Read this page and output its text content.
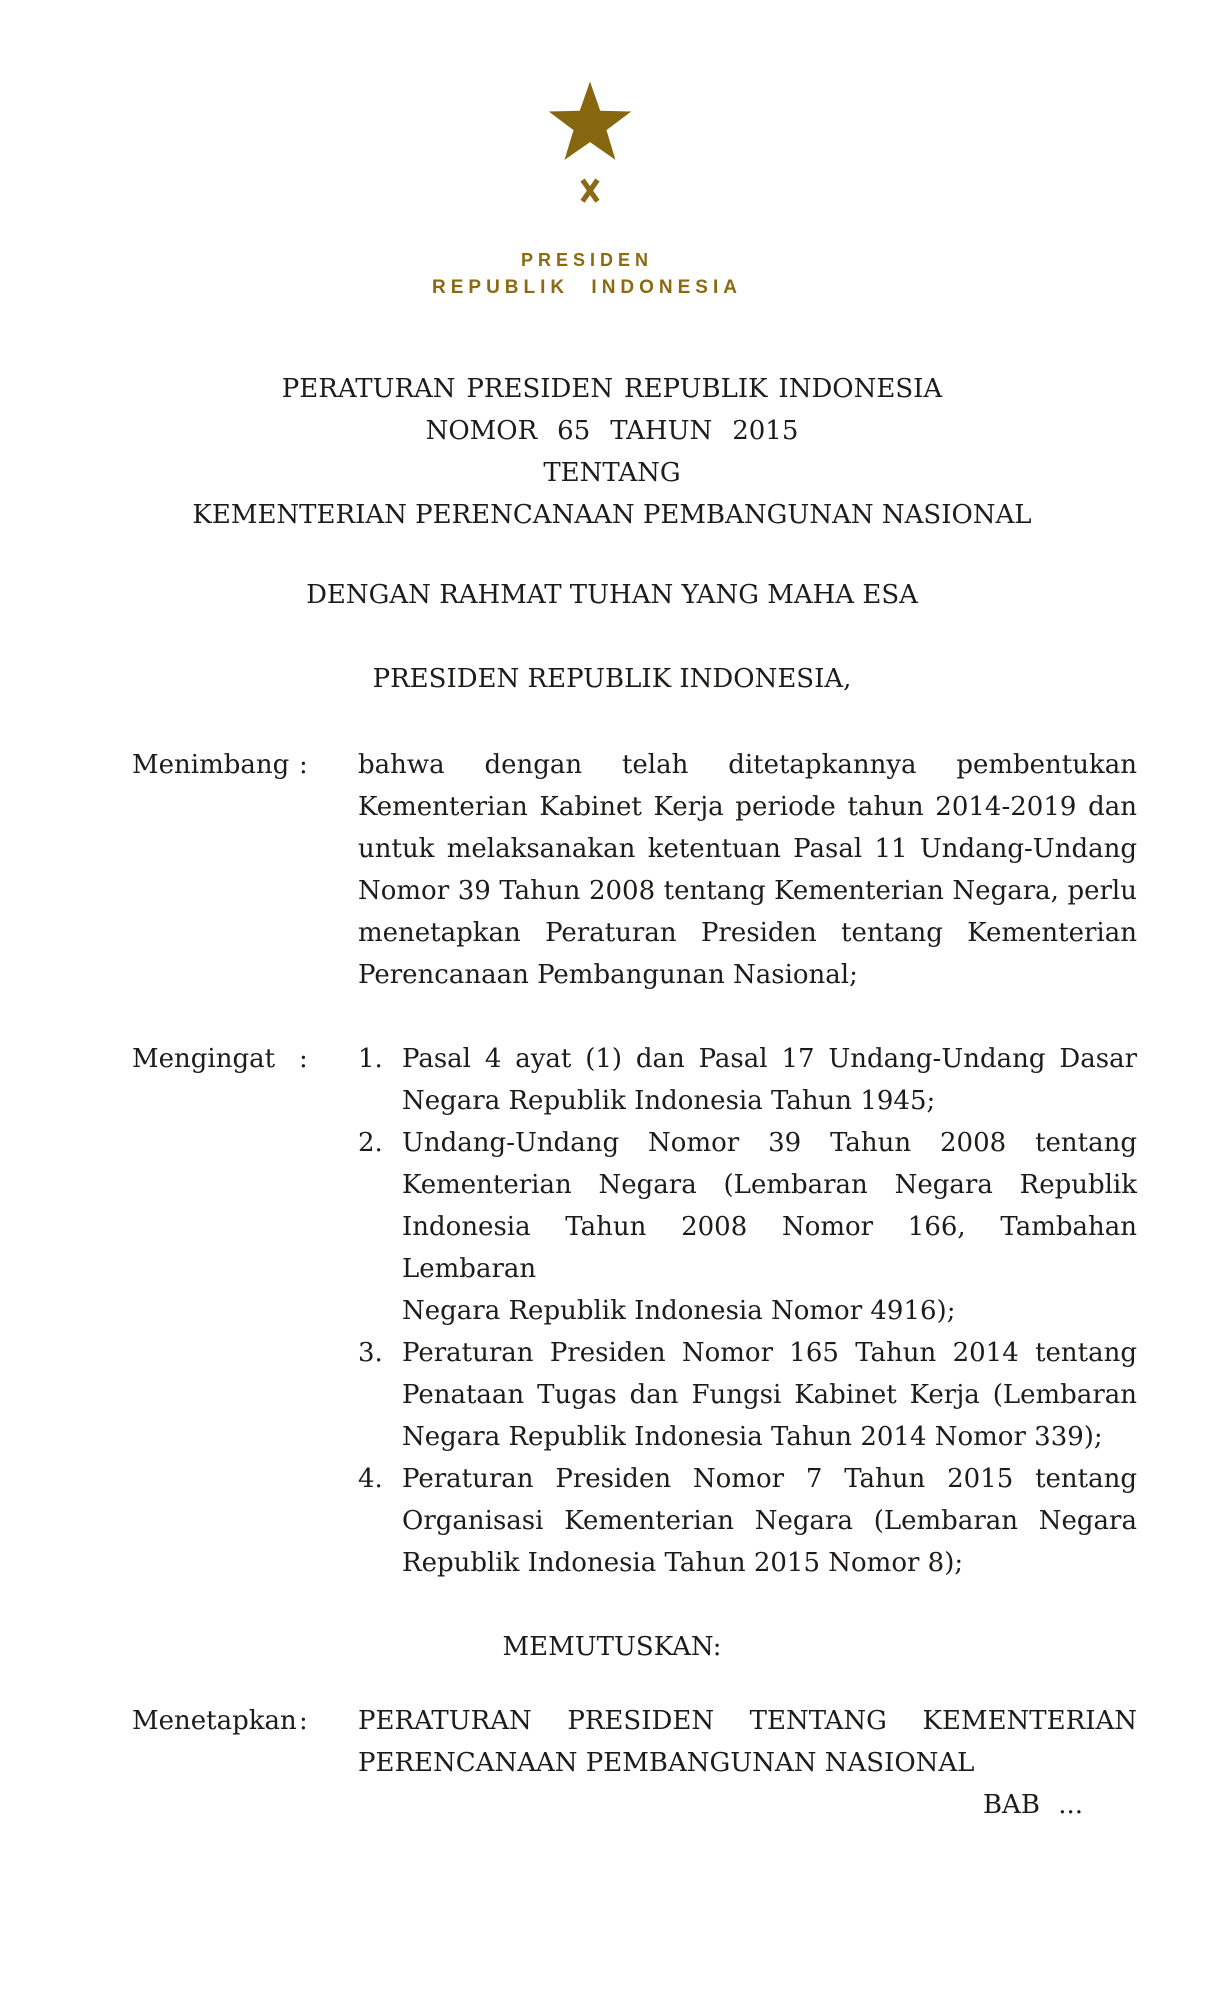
PRESIDEN
REPUBLIK INDONESIA
PERATURAN PRESIDEN REPUBLIK INDONESIA
NOMOR 65 TAHUN 2015
TENTANG
KEMENTERIAN PERENCANAAN PEMBANGUNAN NASIONAL
DENGAN RAHMAT TUHAN YANG MAHA ESA
PRESIDEN REPUBLIK INDONESIA,
Menimbang :	bahwa dengan telah ditetapkannya pembentukan
Kementerian Kabinet Kerja periode tahun 2014-2019 dan
untuk melaksanakan ketentuan Pasal 11 Undang-Undang
Nomor 39 Tahun 2008 tentang Kementerian Negara, perlu
menetapkan Peraturan Presiden tentang Kementerian
Perencanaan Pembangunan Nasional;
Mengingat :	1. Pasal 4 ayat (1) dan Pasal 17 Undang-Undang Dasar
Negara Republik Indonesia Tahun 1945;
2. Undang-Undang Nomor 39 Tahun 2008 tentang
Kementerian Negara (Lembaran Negara Republik
Indonesia Tahun 2008 Nomor 166, Tambahan Lembaran
Negara Republik Indonesia Nomor 4916);
3. Peraturan Presiden Nomor 165 Tahun 2014 tentang
Penataan Tugas dan Fungsi Kabinet Kerja (Lembaran
Negara Republik Indonesia Tahun 2014 Nomor 339);
4. Peraturan Presiden Nomor 7 Tahun 2015 tentang
Organisasi Kementerian Negara (Lembaran Negara
Republik Indonesia Tahun 2015 Nomor 8);
MEMUTUSKAN:
Menetapkan :	PERATURAN PRESIDEN TENTANG KEMENTERIAN
PERENCANAAN PEMBANGUNAN NASIONAL
BAB ...
